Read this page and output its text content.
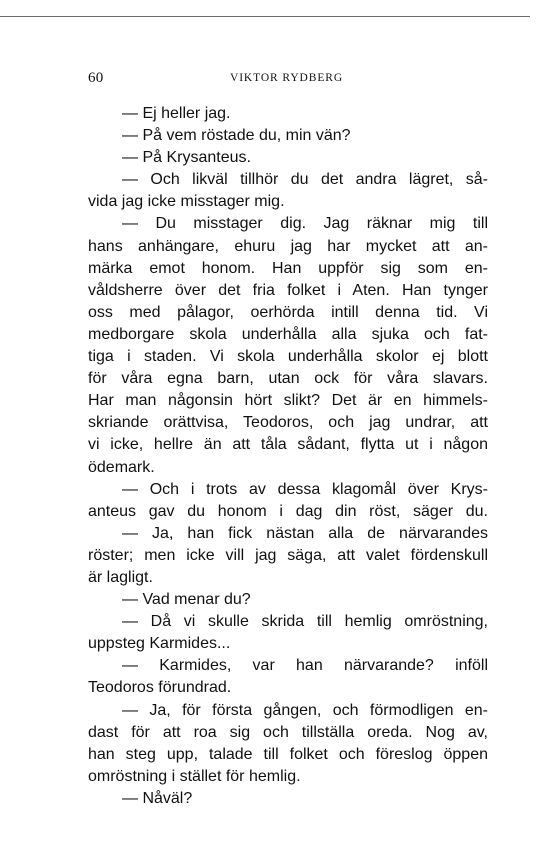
60	VIKTOR RYDBERG
— Ej heller jag.
— På vem röstade du, min vän?
— På Krysanteus.
— Och likväl tillhör du det andra lägret, så-
vida jag icke misstager mig.
— Du misstager dig. Jag räknar mig till
hans anhängare, ehuru jag har mycket att an-
märka emot honom. Han uppför sig som en-
våldsherre över det fria folket i Aten. Han tynger
oss med pålagor, oerhörda intill denna tid. Vi
medborgare skola underhålla alla sjuka och fat-
tiga i staden. Vi skola underhålla skolor ej blott
för våra egna barn, utan ock för våra slavars.
Har man någonsin hört slikt? Det är en himmels-
skriande orättvisa, Teodoros, och jag undrar, att
vi icke, hellre än att tåla sådant, flytta ut i någon
ödemark.
— Och i trots av dessa klagomål över Krys-
anteus gav du honom i dag din röst, säger du.
— Ja, han fick nästan alla de närvarandes
röster; men icke vill jag säga, att valet fördenskull
är lagligt.
— Vad menar du?
— Då vi skulle skrida till hemlig omröstning,
uppsteg Karmides...
— Karmides, var han närvarande? inföll
Teodoros förundrad.
— Ja, för första gången, och förmodligen en-
dast för att roa sig och tillställa oreda. Nog av,
han steg upp, talade till folket och föreslog öppen
omröstning i stället för hemlig.
— Nåväl?
